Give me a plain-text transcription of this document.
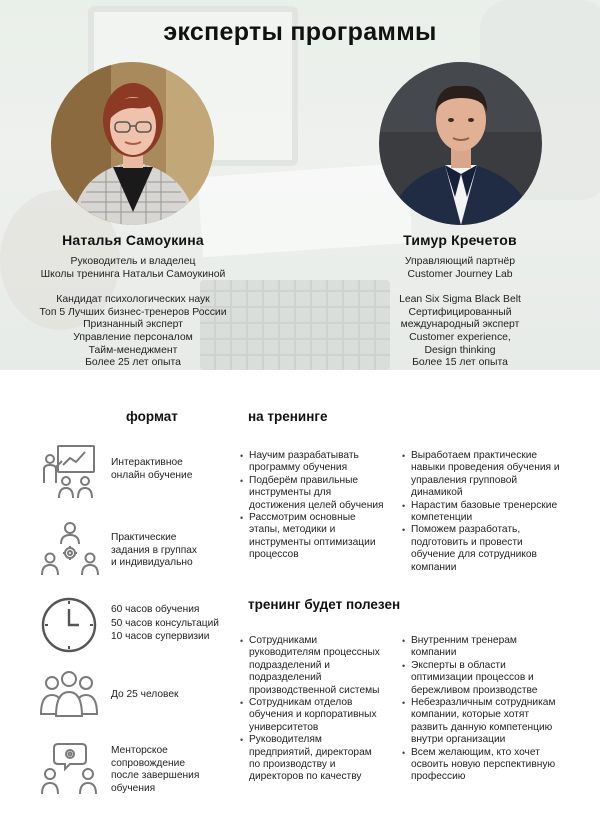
эксперты программы
Наталья Самоукина
Руководитель и владелец
Школы тренинга Натальи Самоукиной
Кандидат психологических наук
Топ 5 Лучших бизнес-тренеров России
Признанный эксперт
Управление персоналом
Тайм-менеджмент
Более 25 лет опыта
Тимур Кречетов
Управляющий партнёр
Customer Journey Lab
Lean Six Sigma Black Belt
Сертифицированный
международный эксперт
Customer experience,
Design thinking
Более 15 лет опыта
формат	на тренинге
тренинг будет полезен
Интерактивное
онлайн обучение
Практические
задания в группах
и индивидуально
60 часов обучения
50 часов консультаций
10 часов супервизии
До 25 человек
Менторское
сопровождение
после завершения
обучения
• Научим разрабатывать
программу обучения
• Подберём правильные
инструменты для
достижения целей обучения
• Рассмотрим основные
этапы, методики и
инструменты оптимизации
процессов
• Выработаем практические
навыки проведения обучения и
управления групповой
динамикой
• Нарастим базовые тренерские
компетенции
• Поможем разработать,
подготовить и провести
обучение для сотрудников
компании
• Сотрудниками
руководителям процессных
подразделений и
подразделений
производственной системы
• Сотрудникам отделов
обучения и корпоративных
университетов
• Руководителям
предприятий, директорам
по производству и
директоров по качеству
• Внутренним тренерам
компании
• Эксперты в области
оптимизации процессов и
бережливом производстве
• Небезразличным сотрудникам
компании, которые хотят
развить данную компетенцию
внутри организации
• Всем желающим, кто хочет
освоить новую перспективную
профессию
